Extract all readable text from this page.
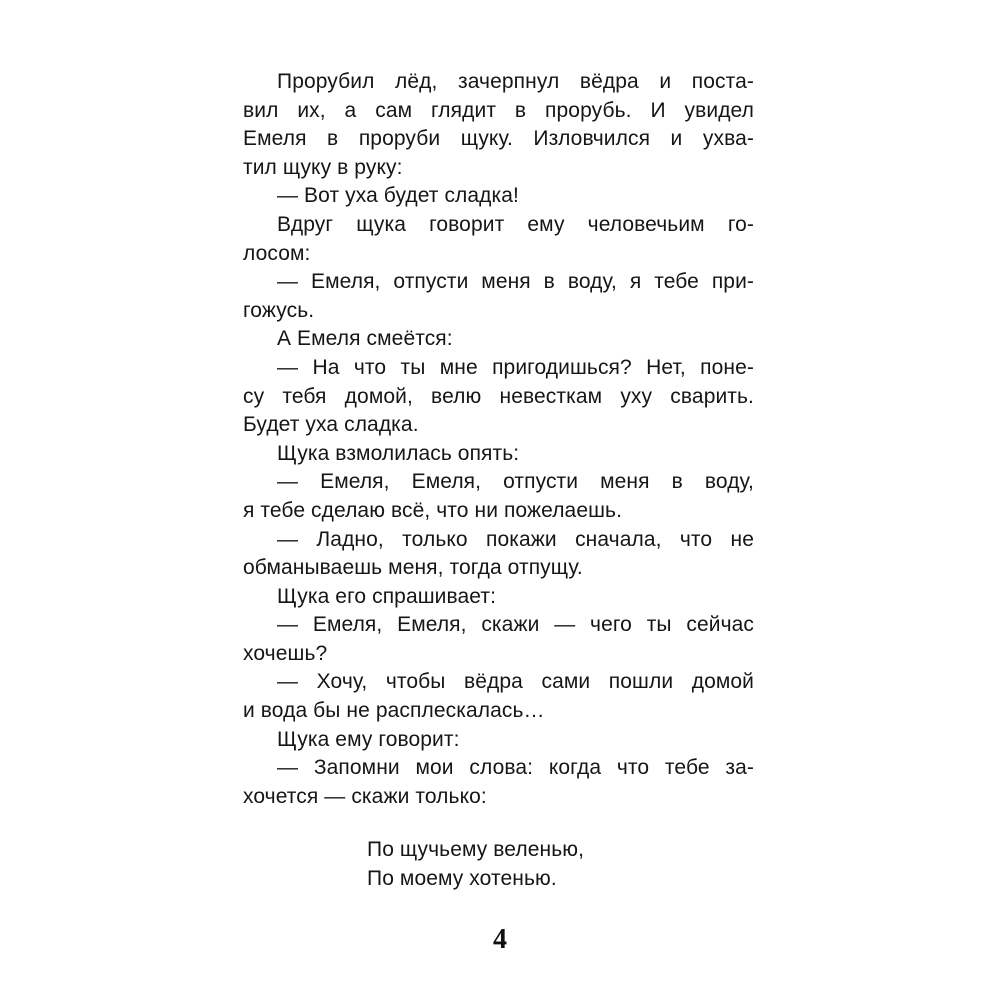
Прорубил лёд, зачерпнул вёдра и поста-
вил их, а сам глядит в прорубь. И увидел
Емеля в проруби щуку. Изловчился и ухва-
тил щуку в руку:
— Вот уха будет сладка!
Вдруг щука говорит ему человечьим го-
лосом:
— Емеля, отпусти меня в воду, я тебе при-
гожусь.
А Емеля смеётся:
— На что ты мне пригодишься? Нет, поне-
су тебя домой, велю невесткам уху сварить.
Будет уха сладка.
Щука взмолилась опять:
— Емеля, Емеля, отпусти меня в воду,
я тебе сделаю всё, что ни пожелаешь.
— Ладно, только покажи сначала, что не
обманываешь меня, тогда отпущу.
Щука его спрашивает:
— Емеля, Емеля, скажи — чего ты сейчас
хочешь?
— Хочу, чтобы вёдра сами пошли домой
и вода бы не расплескалась…
Щука ему говорит:
— Запомни мои слова: когда что тебе за-
хочется — скажи только:
По щучьему веленью,
По моему хотенью.
4
